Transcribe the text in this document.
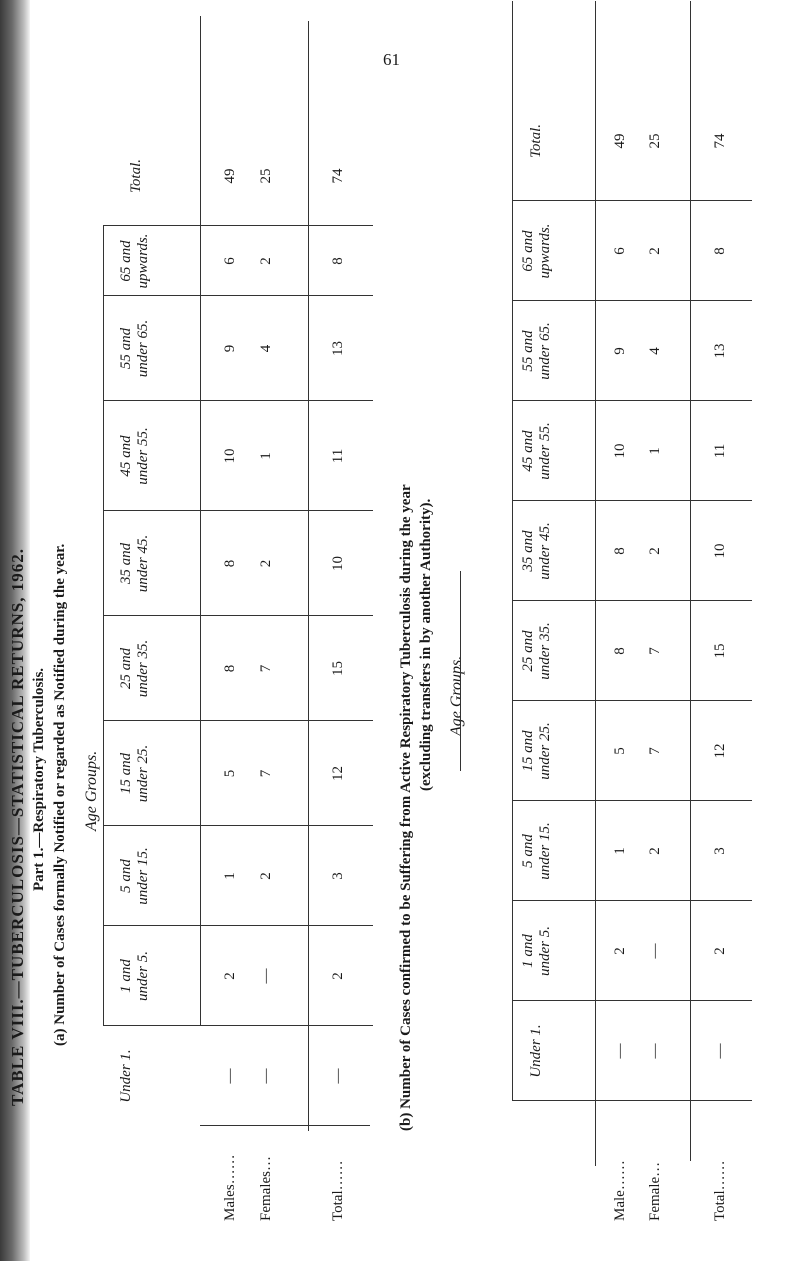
61
TABLE VIII.—TUBERCULOSIS—STATISTICAL RETURNS, 1962. Part 1.—Respiratory Tuberculosis. (a) Number of Cases formally Notified or regarded as Notified during the year. Age Groups.
Under 1.

1 and
under 5.
5 and
under 15.
15 and
under 25.
25 and
under 35.
35 and
under 45.
45 and
under 55.
55 and
under 65.
65 and
upwards.
Total.
Males…… Females…	Total……
—
2
1
5
8
8
10
9
6
49
—
—
2
7
7
2
1
4
2
25
—
2
3
12
15
10
11
13
8
74
(b) Number of Cases confirmed to be Suffering from Active Respiratory Tuberculosis during the year (excluding transfers in by another Authority). Age Groups.
Under 1.
1 and
under 5.
5 and
under 15.
15 and
under 25.
25 and
under 35.
35 and
under 45.
45 and
under 55.
55 and
under 65.
65 and
upwards.
Total.
Male…… Female…	Total……
—
2
1
5
8
8
10
9
6
49
—
—
2
7
7
2
1
4
2
25
—
2
3
12
15
10
11
13
8
74
